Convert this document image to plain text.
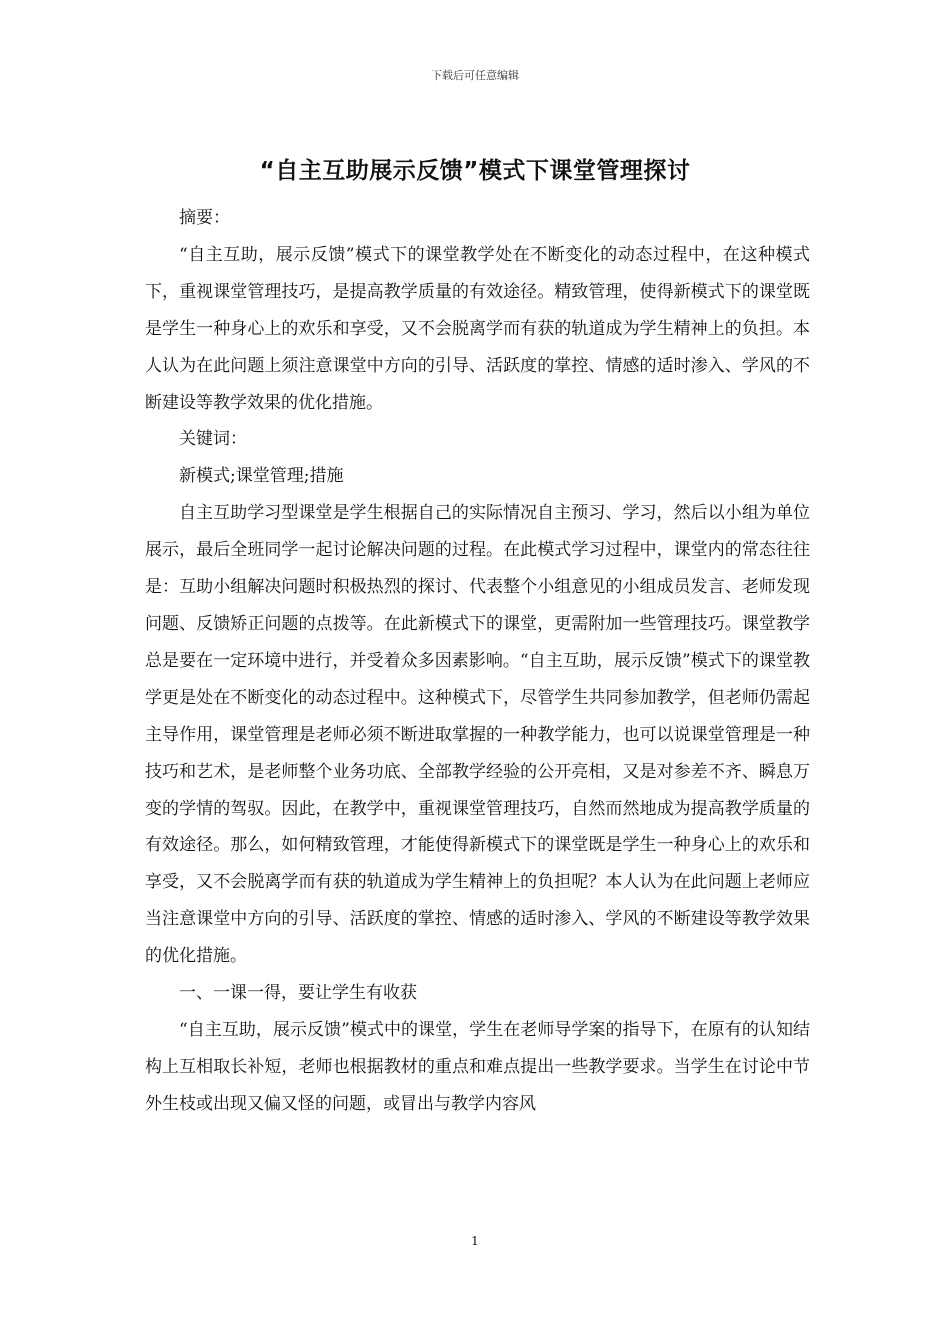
下载后可任意编辑
“自主互助展示反馈”模式下课堂管理探讨

摘要：

“自主互助，展示反馈”模式下的课堂教学处在不断变化的动态过程中，在这种模式下，重视课堂管理技巧，是提高教学质量的有效途径。精致管理，使得新模式下的课堂既是学生一种身心上的欢乐和享受，又不会脱离学而有获的轨道成为学生精神上的负担。本人认为在此问题上须注意课堂中方向的引导、活跃度的掌控、情感的适时渗入、学风的不断建设等教学效果的优化措施。

关键词：

新模式;课堂管理;措施

自主互助学习型课堂是学生根据自己的实际情况自主预习、学习，然后以小组为单位展示，最后全班同学一起讨论解决问题的过程。在此模式学习过程中，课堂内的常态往往是：互助小组解决问题时积极热烈的探讨、代表整个小组意见的小组成员发言、老师发现问题、反馈矫正问题的点拨等。在此新模式下的课堂，更需附加一些管理技巧。课堂教学总是要在一定环境中进行，并受着众多因素影响。“自主互助，展示反馈”模式下的课堂教学更是处在不断变化的动态过程中。这种模式下，尽管学生共同参加教学，但老师仍需起主导作用，课堂管理是老师必须不断进取掌握的一种教学能力，也可以说课堂管理是一种技巧和艺术，是老师整个业务功底、全部教学经验的公开亮相，又是对参差不齐、瞬息万变的学情的驾驭。因此，在教学中，重视课堂管理技巧，自然而然地成为提高教学质量的有效途径。那么，如何精致管理，才能使得新模式下的课堂既是学生一种身心上的欢乐和享受，又不会脱离学而有获的轨道成为学生精神上的负担呢？本人认为在此问题上老师应当注意课堂中方向的引导、活跃度的掌控、情感的适时渗入、学风的不断建设等教学效果的优化措施。

一、一课一得，要让学生有收获

“自主互助，展示反馈”模式中的课堂，学生在老师导学案的指导下，在原有的认知结构上互相取长补短，老师也根据教材的重点和难点提出一些教学要求。当学生在讨论中节外生枝或出现又偏又怪的问题，或冒出与教学内容风

1
